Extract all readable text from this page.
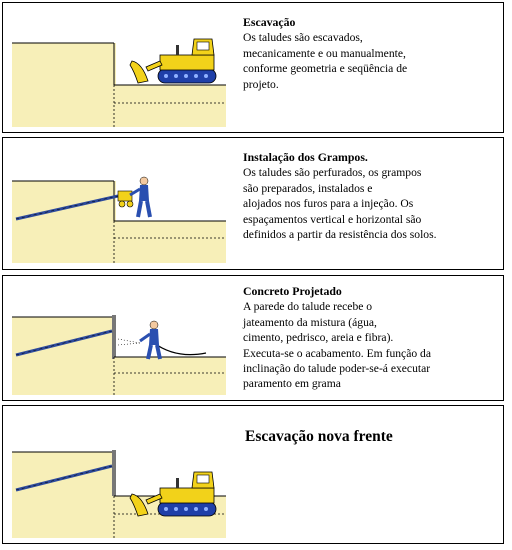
Escavação
Os taludes são escavados,
mecanicamente e ou manualmente,
conforme geometria e seqüência de
projeto.
Instalação dos Grampos.
Os taludes são perfurados, os grampos
são preparados, instalados e
alojados nos furos para a injeção. Os
espaçamentos vertical e horizontal são
definidos a partir da resistência dos solos.
Concreto Projetado
A parede do talude recebe o
jateamento da mistura (água,
cimento, pedrisco, areia e fibra).
Executa-se o acabamento. Em função da
inclinação do talude poder-se-á executar
paramento em grama
Escavação nova frente
